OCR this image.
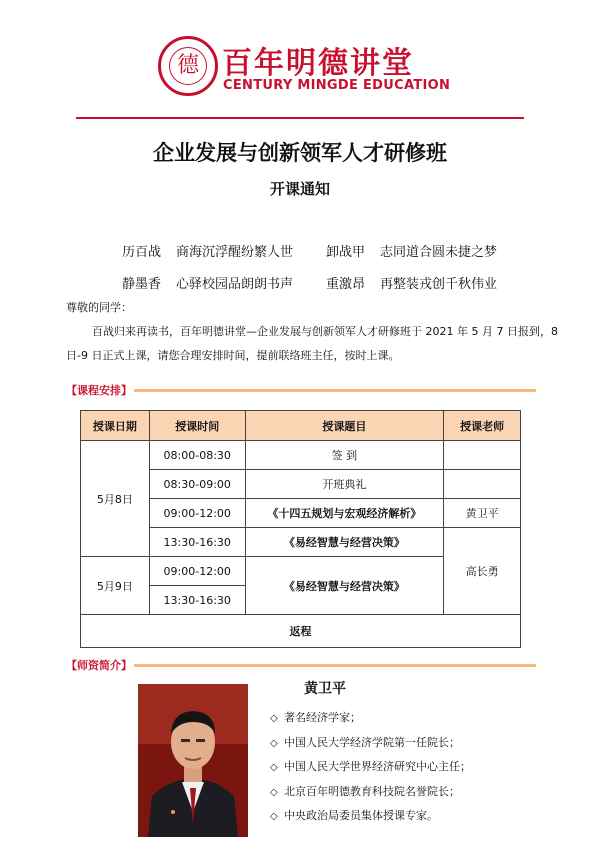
德 百年明德讲堂
CENTURY MINGDE EDUCATION
企业发展与创新领军人才研修班
开课通知
历百战 商海沉浮醒纷繁人世	卸战甲 志同道合圆未捷之梦
静墨香 心驿校园品朗朗书声	重激昂 再整装戎创千秋伟业
尊敬的同学：
百战归来再读书，百年明德讲堂—企业发展与创新领军人才研修班于 2021 年 5 月 7 日报到，8
日-9 日正式上课，请您合理安排时间，提前联络班主任，按时上课。
【课程安排】
授课日期	授课时间	授课题目	授课老师
5月8日	08:00-08:30	签 到	
	08:30-09:00	开班典礼	
	09:00-12:00	《十四五规划与宏观经济解析》	黄卫平
	13:30-16:30	《易经智慧与经营决策》	高长勇
5月9日	09:00-12:00	《易经智慧与经营决策》	
	13:30-16:30		
返程			
【师资简介】
黄卫平
◇ 著名经济学家；
◇ 中国人民大学经济学院第一任院长；
◇ 中国人民大学世界经济研究中心主任；
◇ 北京百年明德教育科技院名誉院长；
◇ 中央政治局委员集体授课专家。
